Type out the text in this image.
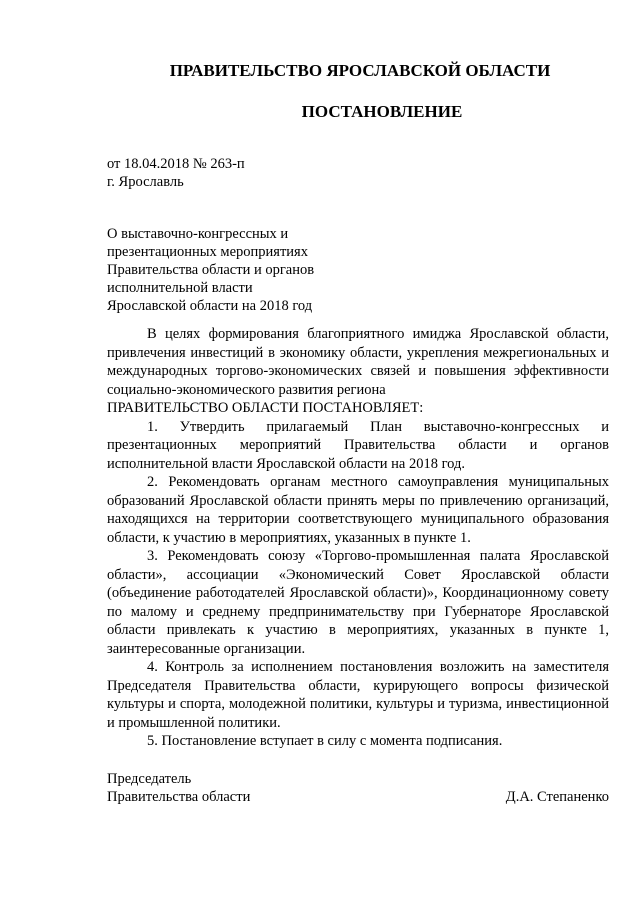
ПРАВИТЕЛЬСТВО ЯРОСЛАВСКОЙ ОБЛАСТИ
ПОСТАНОВЛЕНИЕ
от 18.04.2018 № 263-п
г. Ярославль
О выставочно-конгрессных и
презентационных мероприятиях
Правительства области и органов
исполнительной власти
Ярославской области на 2018 год

В целях формирования благоприятного имиджа Ярославской области, привлечения инвестиций в экономику области, укрепления межрегиональных и международных торгово-экономических связей и повышения эффективности социально-экономического развития региона

ПРАВИТЕЛЬСТВО ОБЛАСТИ ПОСТАНОВЛЯЕТ:

1. Утвердить прилагаемый План выставочно-конгрессных и презентационных мероприятий Правительства области и органов исполнительной власти Ярославской области на 2018 год.

2. Рекомендовать органам местного самоуправления муниципальных образований Ярославской области принять меры по привлечению организаций, находящихся на территории соответствующего муниципального образования области, к участию в мероприятиях, указанных в пункте 1.

3. Рекомендовать союзу «Торгово-промышленная палата Ярославской области», ассоциации «Экономический Совет Ярославской области (объединение работодателей Ярославской области)», Координационному совету по малому и среднему предпринимательству при Губернаторе Ярославской области привлекать к участию в мероприятиях, указанных в пункте 1, заинтересованные организации.

4. Контроль за исполнением постановления возложить на заместителя Председателя Правительства области, курирующего вопросы физической культуры и спорта, молодежной политики, культуры и туризма, инвестиционной и промышленной политики.

5. Постановление вступает в силу с момента подписания.

Председатель
Правительства области	Д.А. Степаненко
